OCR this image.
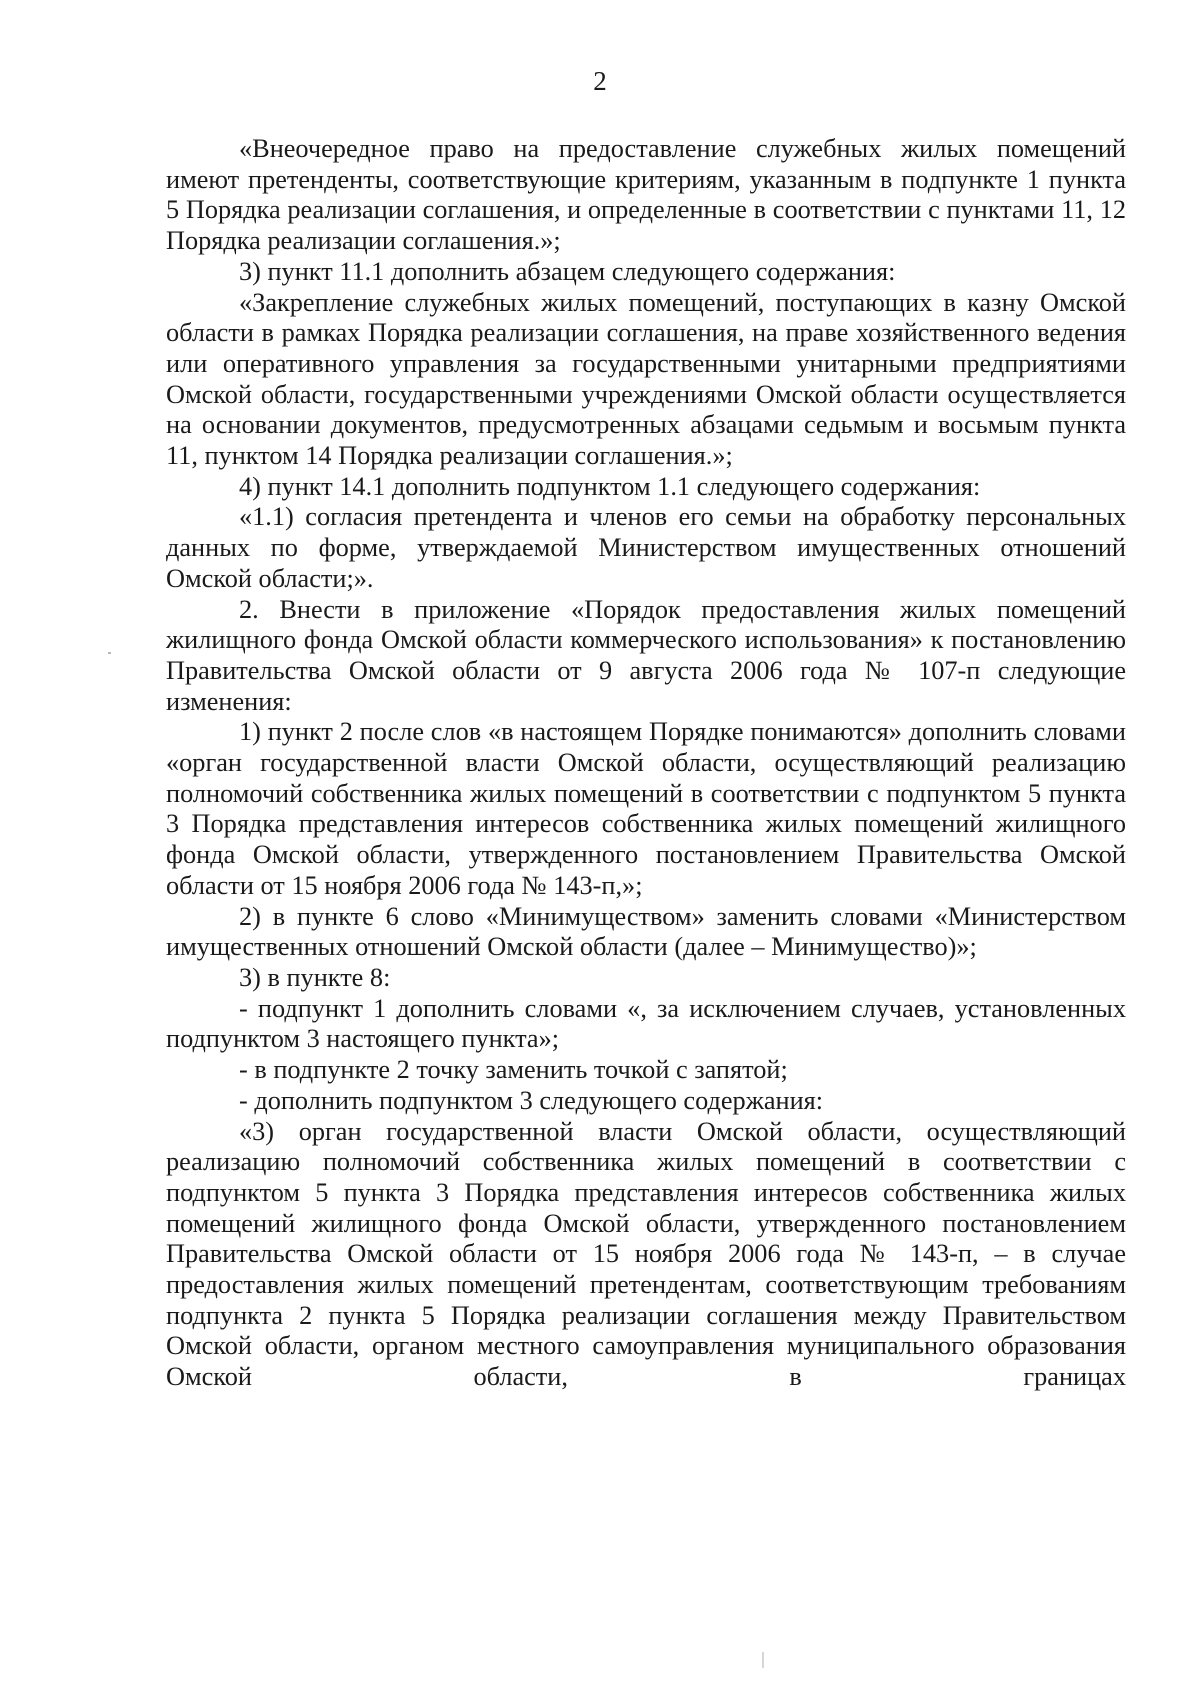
2

«Внеочередное право на предоставление служебных жилых помещений имеют претенденты, соответствующие критериям, указанным в подпункте 1 пункта 5 Порядка реализации соглашения, и определенные в соответствии с пунктами 11, 12 Порядка реализации соглашения.»;

3) пункт 11.1 дополнить абзацем следующего содержания:

«Закрепление служебных жилых помещений, поступающих в казну Омской области в рамках Порядка реализации соглашения, на праве хозяйственного ведения или оперативного управления за государственными унитарными предприятиями Омской области, государственными учреждениями Омской области осуществляется на основании документов, предусмотренных абзацами седьмым и восьмым пункта 11, пунктом 14 Порядка реализации соглашения.»;

4) пункт 14.1 дополнить подпунктом 1.1 следующего содержания:

«1.1) согласия претендента и членов его семьи на обработку персональных данных по форме, утверждаемой Министерством имущественных отношений Омской области;».

2. Внести в приложение «Порядок предоставления жилых помещений жилищного фонда Омской области коммерческого использования» к постановлению Правительства Омской области от 9 августа 2006 года № 107-п следующие изменения:

1) пункт 2 после слов «в настоящем Порядке понимаются» дополнить словами «орган государственной власти Омской области, осуществляющий реализацию полномочий собственника жилых помещений в соответствии с подпунктом 5 пункта 3 Порядка представления интересов собственника жилых помещений жилищного фонда Омской области, утвержденного постановлением Правительства Омской области от 15 ноября 2006 года № 143-п,»;

2) в пункте 6 слово «Минимуществом» заменить словами «Министерством имущественных отношений Омской области (далее – Минимущество)»;

3) в пункте 8:

- подпункт 1 дополнить словами «, за исключением случаев, установленных подпунктом 3 настоящего пункта»;

- в подпункте 2 точку заменить точкой с запятой;

- дополнить подпунктом 3 следующего содержания:

«3) орган государственной власти Омской области, осуществляющий реализацию полномочий собственника жилых помещений в соответствии с подпунктом 5 пункта 3 Порядка представления интересов собственника жилых помещений жилищного фонда Омской области, утвержденного постановлением Правительства Омской области от 15 ноября 2006 года № 143-п, – в случае предоставления жилых помещений претендентам, соответствующим требованиям подпункта 2 пункта 5 Порядка реализации соглашения между Правительством Омской области, органом местного самоуправления муниципального образования Омской области, в границах
